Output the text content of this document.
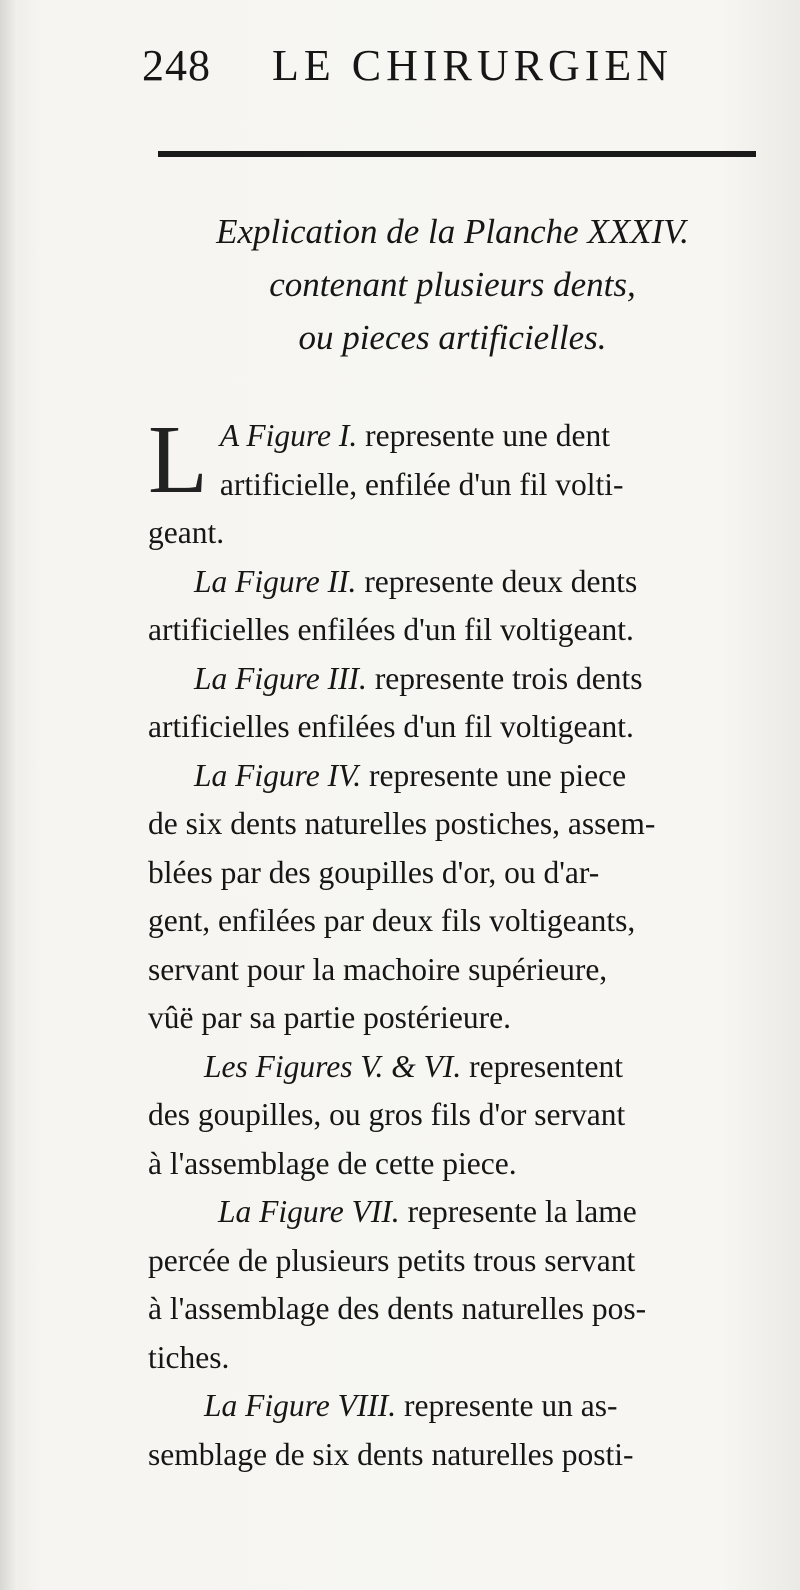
248 LE CHIRURGIEN
Explication de la Planche XXXIV.
contenant plusieurs dents,
ou pieces artificielles.

L A Figure I. represente une dent
artificielle, enfilée d'un fil volti-
geant.

La Figure II. represente deux dents
artificielles enfilées d'un fil voltigeant.

La Figure III. represente trois dents
artificielles enfilées d'un fil voltigeant.

La Figure IV. represente une piece
de six dents naturelles postiches, assem-
blées par des goupilles d'or, ou d'ar-
gent, enfilées par deux fils voltigeants,
servant pour la machoire supérieure,
vûë par sa partie postérieure.

Les Figures V. & VI. representent
des goupilles, ou gros fils d'or servant
à l'assemblage de cette piece.

La Figure VII. represente la lame
percée de plusieurs petits trous servant
à l'assemblage des dents naturelles pos-
tiches.

La Figure VIII. represente un as-
semblage de six dents naturelles posti-
